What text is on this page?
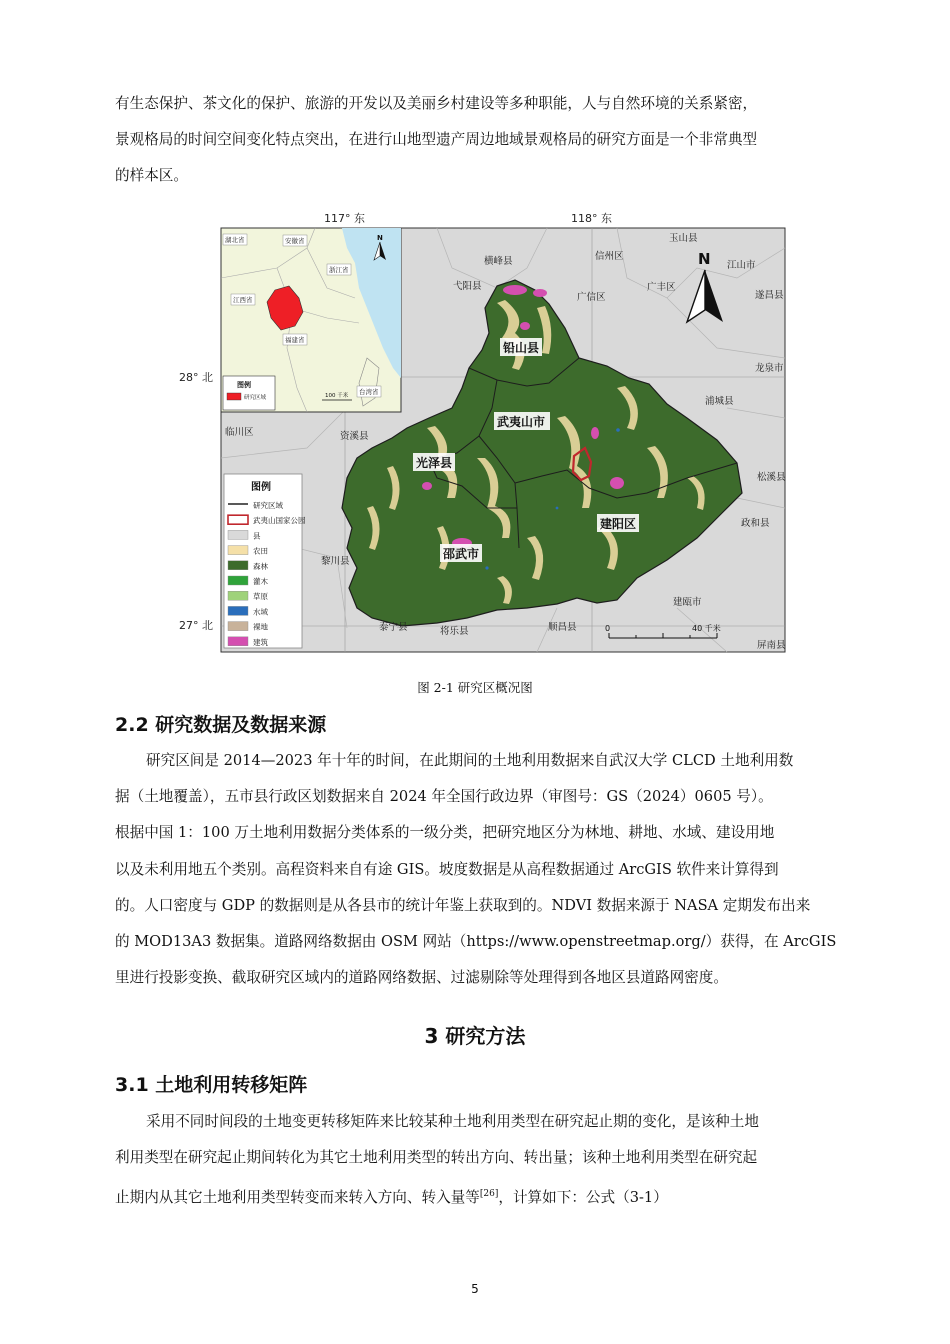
有生态保护、茶文化的保护、旅游的开发以及美丽乡村建设等多种职能，人与自然环境的关系紧密，
景观格局的时间空间变化特点突出，在进行山地型遗产周边地域景观格局的研究方面是一个非常典型
的样本区。
117° 东	118° 东
28° 北
27° 北
铅山县
武夷山市
光泽县
建阳区
邵武市
玉山县
信州区
横峰县	江山市
广信区
广丰区
弋阳县
遂昌县
龙泉市
浦城县
临川区	资溪县
松溪县
政和县
黎川县
建瓯市
泰宁县	将乐县	顺昌县
屏南县
N
0	40 千米
湖北省	安徽省
浙江省
江西省
福建省
台湾省
N
图例
研究区域	100 千米
图例
研究区域
武夷山国家公园
县
农田
森林
灌木
草原
水域
裸地
建筑

图 2-1 研究区概况图

2.2 研究数据及数据来源

研究区间是 2014—2023 年十年的时间，在此期间的土地利用数据来自武汉大学 CLCD 土地利用数
据（土地覆盖），五市县行政区划数据来自 2024 年全国行政边界（审图号：GS（2024）0605 号）。
根据中国 1：100 万土地利用数据分类体系的一级分类，把研究地区分为林地、耕地、水域、建设用地
以及未利用地五个类别。高程资料来自有途 GIS。坡度数据是从高程数据通过 ArcGIS 软件来计算得到
的。人口密度与 GDP 的数据则是从各县市的统计年鉴上获取到的。NDVI 数据来源于 NASA 定期发布出来
的 MOD13A3 数据集。道路网络数据由 OSM 网站（https://www.openstreetmap.org/）获得，在 ArcGIS
里进行投影变换、截取研究区域内的道路网络数据、过滤剔除等处理得到各地区县道路网密度。

3 研究方法

3.1 土地利用转移矩阵

采用不同时间段的土地变更转移矩阵来比较某种土地利用类型在研究起止期的变化，是该种土地
利用类型在研究起止期间转化为其它土地利用类型的转出方向、转出量；该种土地利用类型在研究起
止期内从其它土地利用类型转变而来转入方向、转入量等[26]，计算如下：公式（3-1）
5
